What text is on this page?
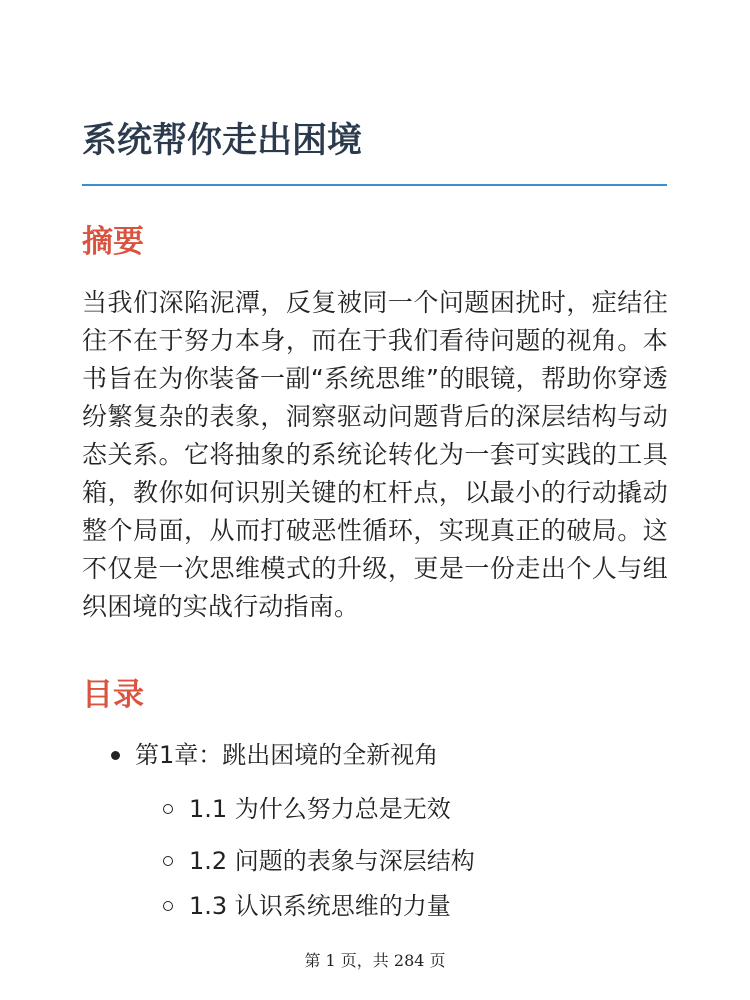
系统帮你走出困境
摘要

当我们深陷泥潭，反复被同一个问题困扰时，症结往往不在于努力本身，而在于我们看待问题的视角。本书旨在为你装备一副“系统思维”的眼镜，帮助你穿透纷繁复杂的表象，洞察驱动问题背后的深层结构与动态关系。它将抽象的系统论转化为一套可实践的工具箱，教你如何识别关键的杠杆点，以最小的行动撬动整个局面，从而打破恶性循环，实现真正的破局。这不仅是一次思维模式的升级，更是一份走出个人与组织困境的实战行动指南。

目录
第1章：跳出困境的全新视角
1.1 为什么努力总是无效
1.2 问题的表象与深层结构
1.3 认识系统思维的力量
第 1 页，共 284 页
